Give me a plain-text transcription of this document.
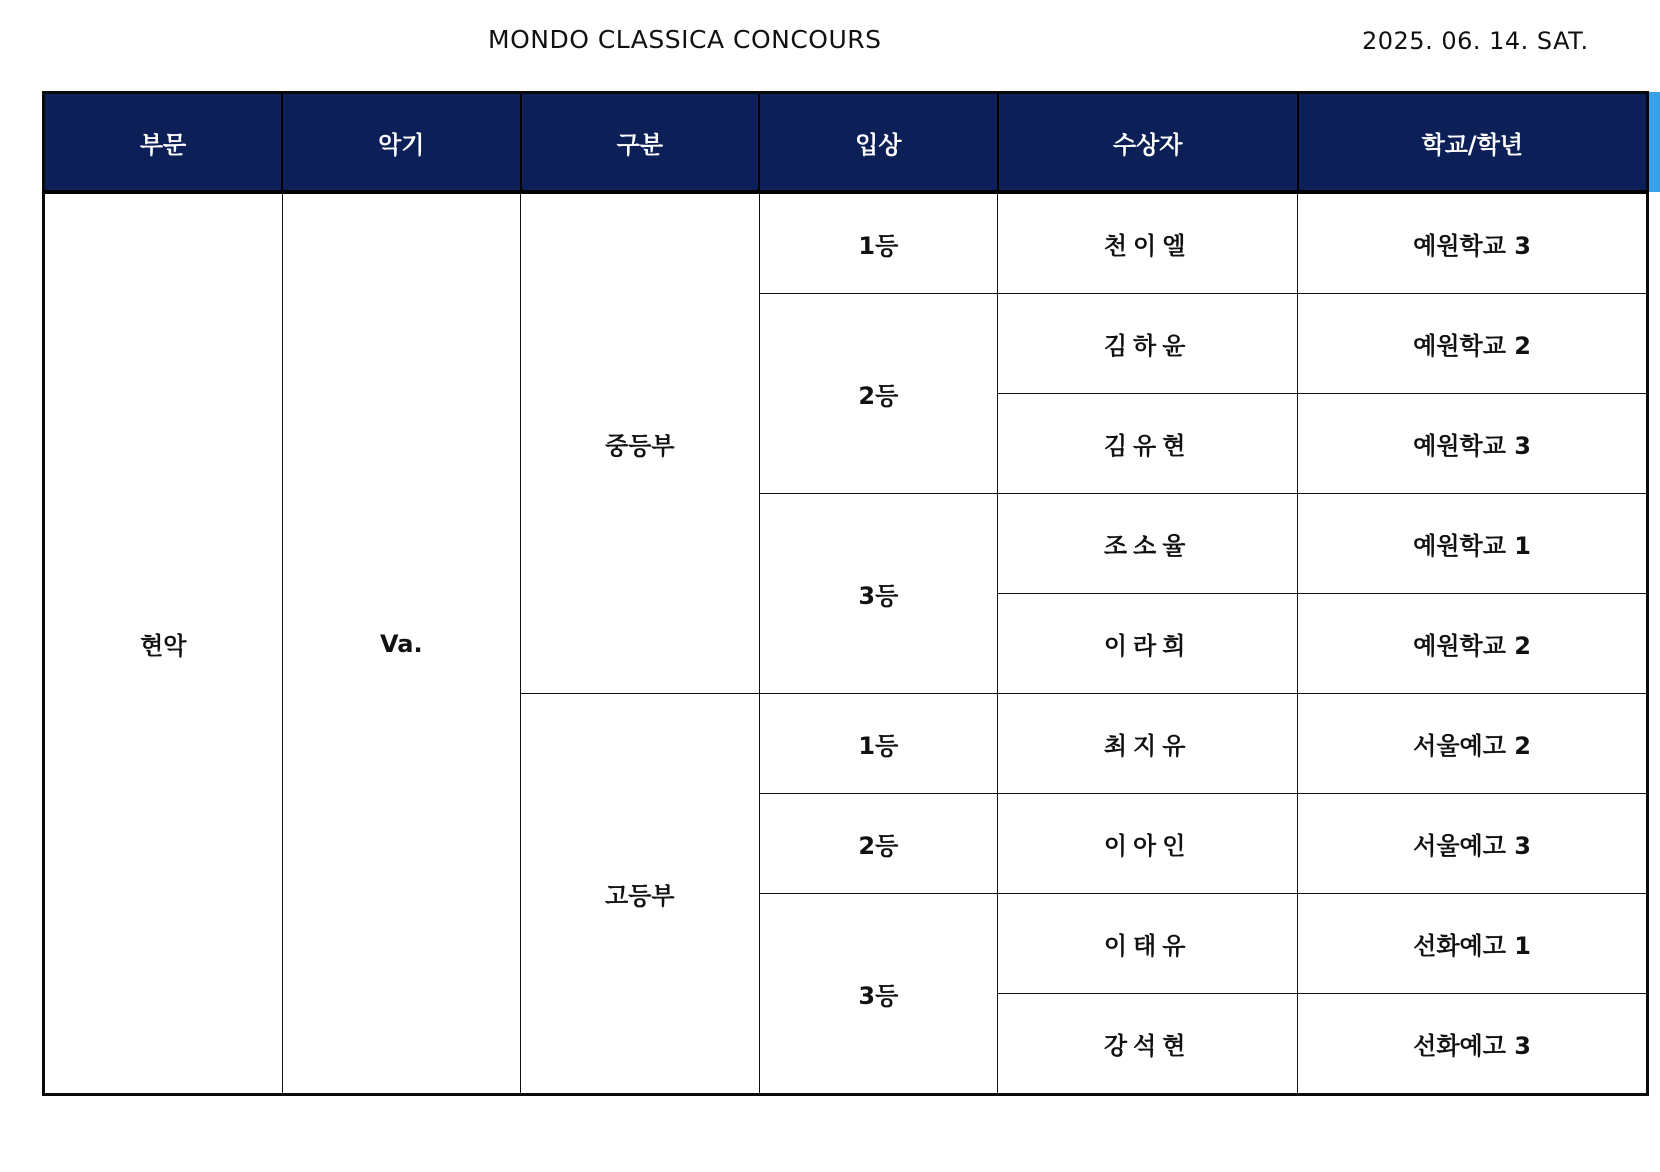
MONDO CLASSICA CONCOURS	2025. 06. 14. SAT.
부문	악기	구분	입상	수상자	학교/학년
현악	Va.	중등부	1등	천이엘	예원학교 3
			2등	김하윤	예원학교 2
				김유현	예원학교 3
			3등	조소율	예원학교 1
				이라희	예원학교 2
		고등부	1등	최지유	서울예고 2
			2등	이아인	서울예고 3
			3등	이태유	선화예고 1
				강석현	선화예고 3
